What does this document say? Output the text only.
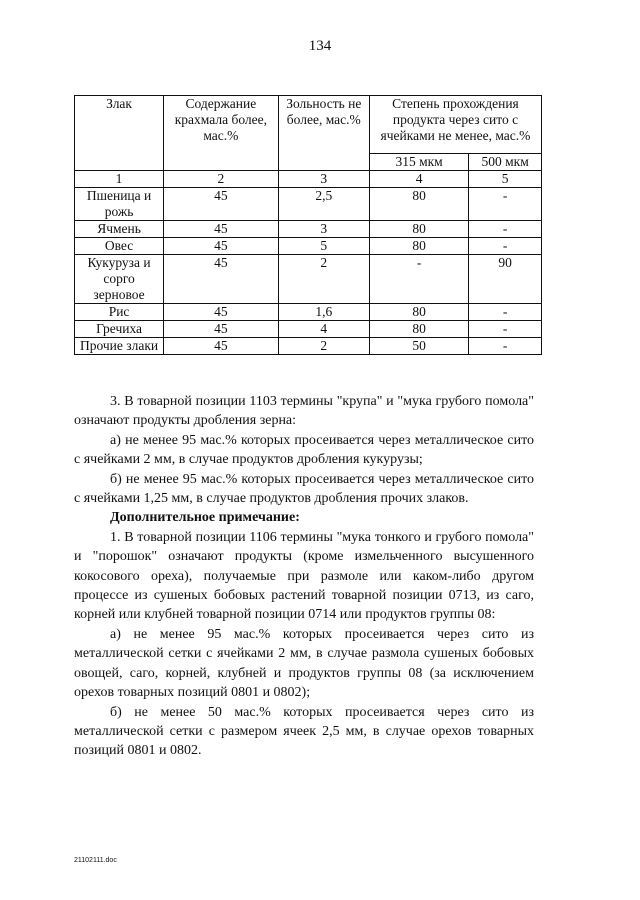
134
Злак	Содержание крахмала более, мас.%	Зольность не более, мас.%	Степень прохождения продукта через сито с ячейками не менее, мас.%	
			315 мкм	500 мкм
1	2	3	4	5
Пшеница и рожь	45	2,5	80	-
Ячмень	45	3	80	-
Овес	45	5	80	-
Кукуруза и сорго зерновое	45	2	-	90
Рис	45	1,6	80	-
Гречиха	45	4	80	-
Прочие злаки	45	2	50	-

3. В товарной позиции 1103 термины "крупа" и "мука грубого помола" означают продукты дробления зерна:

а) не менее 95 мас.% которых просеивается через металлическое сито с ячейками 2 мм, в случае продуктов дробления кукурузы;

б) не менее 95 мас.% которых просеивается через металлическое сито с ячейками 1,25 мм, в случае продуктов дробления прочих злаков.

Дополнительное примечание:

1. В товарной позиции 1106 термины "мука тонкого и грубого помола" и "порошок" означают продукты (кроме измельченного высушенного кокосового ореха), получаемые при размоле или каком-либо другом процессе из сушеных бобовых растений товарной позиции 0713, из саго, корней или клубней товарной позиции 0714 или продуктов группы 08:

а) не менее 95 мас.% которых просеивается через сито из металлической сетки с ячейками 2 мм, в случае размола сушеных бобовых овощей, саго, корней, клубней и продуктов группы 08 (за исключением орехов товарных позиций 0801 и 0802);

б) не менее 50 мас.% которых просеивается через сито из металлической сетки с размером ячеек 2,5 мм, в случае орехов товарных позиций 0801 и 0802.

21102111.doc
